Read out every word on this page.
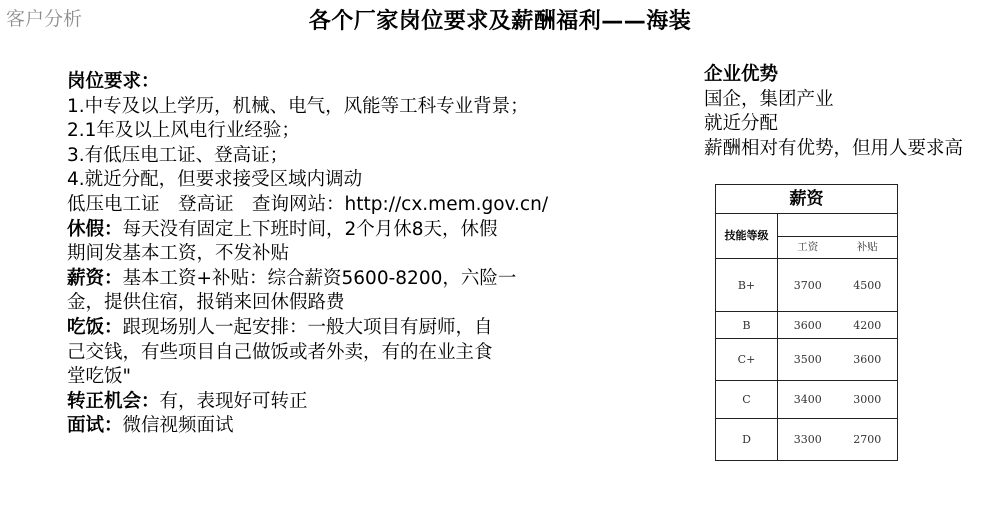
客户分析	各个厂家岗位要求及薪酬福利——海装
岗位要求：
1.中专及以上学历，机械、电气，风能等工科专业背景；
2.1年及以上风电行业经验；
3.有低压电工证、登高证；
4.就近分配，但要求接受区域内调动
低压电工证　登高证　查询网站：http://cx.mem.gov.cn/
休假：每天没有固定上下班时间，2个月休8天，休假
期间发基本工资，不发补贴
薪资：基本工资+补贴：综合薪资5600-8200，六险一
金，提供住宿，报销来回休假路费
吃饭：跟现场别人一起安排：一般大项目有厨师，自
己交钱，有些项目自己做饭或者外卖，有的在业主食
堂吃饭"
转正机会：有，表现好可转正
面试：微信视频面试
企业优势
国企，集团产业
就近分配
薪酬相对有优势，但用人要求高
薪资
技能等级
工资	补贴
B+	3700	4500
B	3600	4200
C+	3500	3600
C	3400	3000
D	3300	2700
